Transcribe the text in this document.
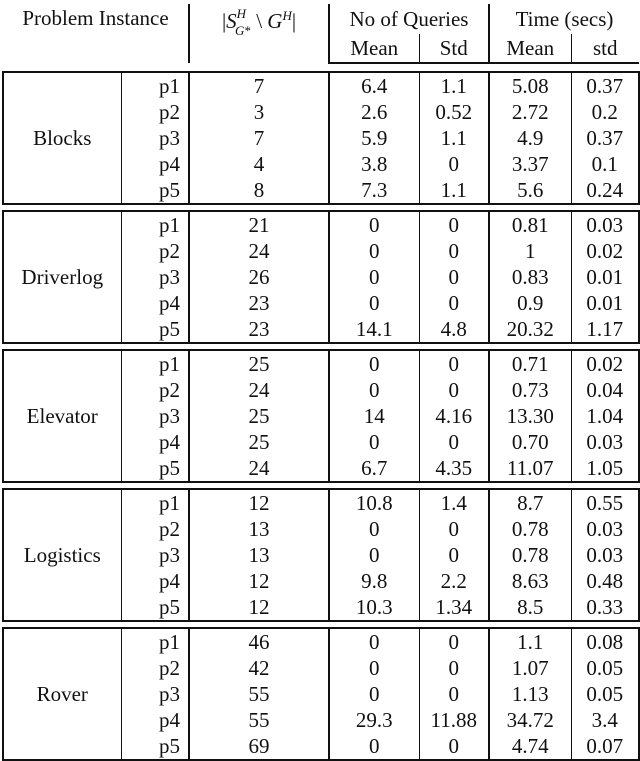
Problem Instance		$|S^H_{G*}$ \ $G^H|$	No of Queries		Time (secs)	
			Mean	Std	Mean	std

Blocks	p1	7	6.4	1.1	5.08	0.37
	p2	3	2.6	0.52	2.72	0.2
	p3	7	5.9	1.1	4.9	0.37
	p4	4	3.8	0	3.37	0.1
	p5	8	7.3	1.1	5.6	0.24

Driverlog	p1	21	0	0	0.81	0.03
	p2	24	0	0	1	0.02
	p3	26	0	0	0.83	0.01
	p4	23	0	0	0.9	0.01
	p5	23	14.1	4.8	20.32	1.17

Elevator	p1	25	0	0	0.71	0.02
	p2	24	0	0	0.73	0.04
	p3	25	14	4.16	13.30	1.04
	p4	25	0	0	0.70	0.03
	p5	24	6.7	4.35	11.07	1.05

Logistics	p1	12	10.8	1.4	8.7	0.55
	p2	13	0	0	0.78	0.03
	p3	13	0	0	0.78	0.03
	p4	12	9.8	2.2	8.63	0.48
	p5	12	10.3	1.34	8.5	0.33

Rover	p1	46	0	0	1.1	0.08
	p2	42	0	0	1.07	0.05
	p3	55	0	0	1.13	0.05
	p4	55	29.3	11.88	34.72	3.4
	p5	69	0	0	4.74	0.07
